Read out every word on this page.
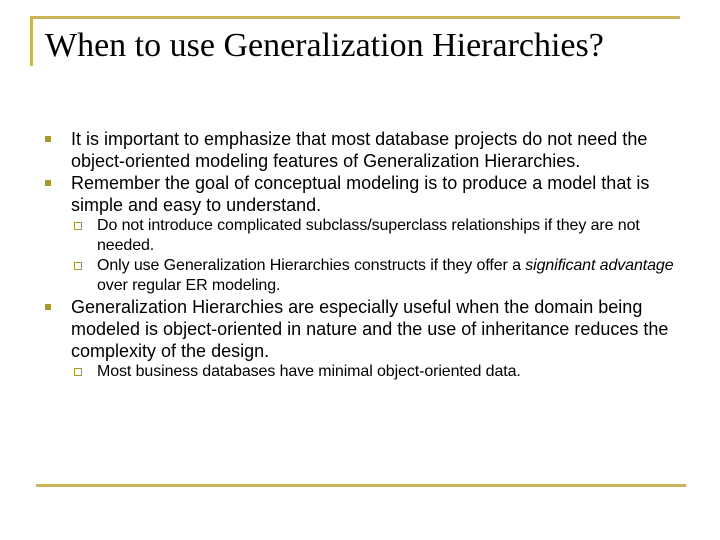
When to use Generalization Hierarchies?
It is important to emphasize that most database projects do not need the object-oriented modeling features of Generalization Hierarchies.
Remember the goal of conceptual modeling is to produce a model that is simple and easy to understand.
Do not introduce complicated subclass/superclass relationships if they are not needed.
Only use Generalization Hierarchies constructs if they offer a significant advantage over regular ER modeling.
Generalization Hierarchies are especially useful when the domain being modeled is object-oriented in nature and the use of inheritance reduces the complexity of the design.
Most business databases have minimal object-oriented data.
